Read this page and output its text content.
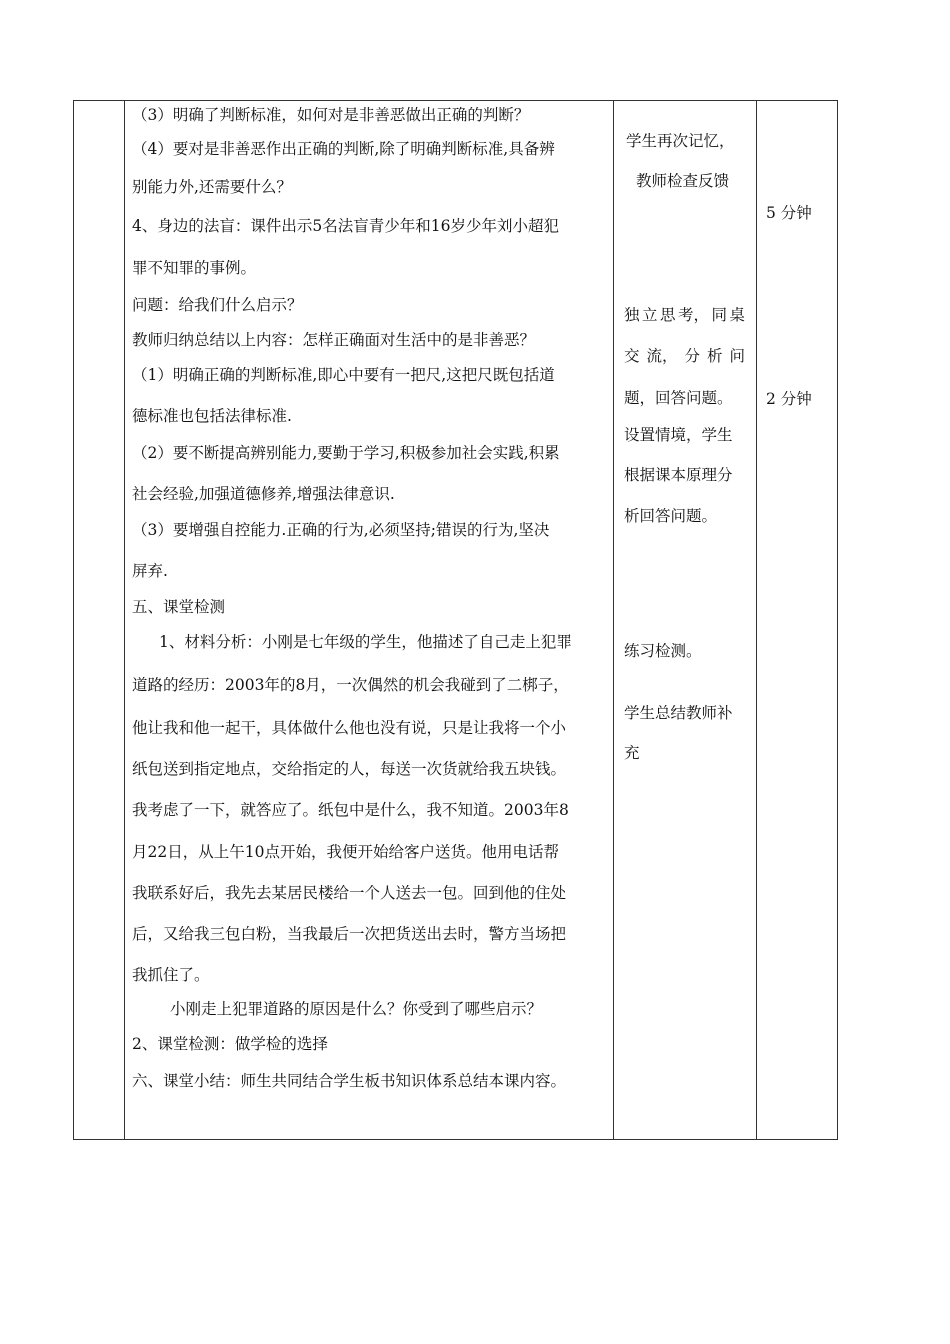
（3）明确了判断标准，如何对是非善恶做出正确的判断？

（4）要对是非善恶作出正确的判断,除了明确判断标准,具备辨

别能力外,还需要什么？

4、身边的法盲：课件出示5名法盲青少年和16岁少年刘小超犯

罪不知罪的事例。

问题：给我们什么启示？

教师归纳总结以上内容：怎样正确面对生活中的是非善恶？

（1）明确正确的判断标准,即心中要有一把尺,这把尺既包括道

德标准也包括法律标准.

（2）要不断提高辨别能力,要勤于学习,积极参加社会实践,积累

社会经验,加强道德修养,增强法律意识.

（3）要增强自控能力.正确的行为,必须坚持;错误的行为,坚决

屏弃.

五、课堂检测

1、材料分析：小刚是七年级的学生，他描述了自己走上犯罪

道路的经历：2003年的8月，一次偶然的机会我碰到了二梆子，

他让我和他一起干，具体做什么他也没有说，只是让我将一个小

纸包送到指定地点，交给指定的人，每送一次货就给我五块钱。

我考虑了一下，就答应了。纸包中是什么，我不知道。2003年8

月22日，从上午10点开始，我便开始给客户送货。他用电话帮

我联系好后，我先去某居民楼给一个人送去一包。回到他的住处

后，又给我三包白粉，当我最后一次把货送出去时，警方当场把

我抓住了。

小刚走上犯罪道路的原因是什么？你受到了哪些启示？

2、课堂检测：做学检的选择

六、课堂小结：师生共同结合学生板书知识体系总结本课内容。

学生再次记忆，

教师检查反馈

独 立 思 考， 同 桌

交 流， 分 析 问

题，回答问题。

设置情境，学生

根据课本原理分

析回答问题。

练习检测。

学生总结教师补

充

5 分钟

2 分钟
